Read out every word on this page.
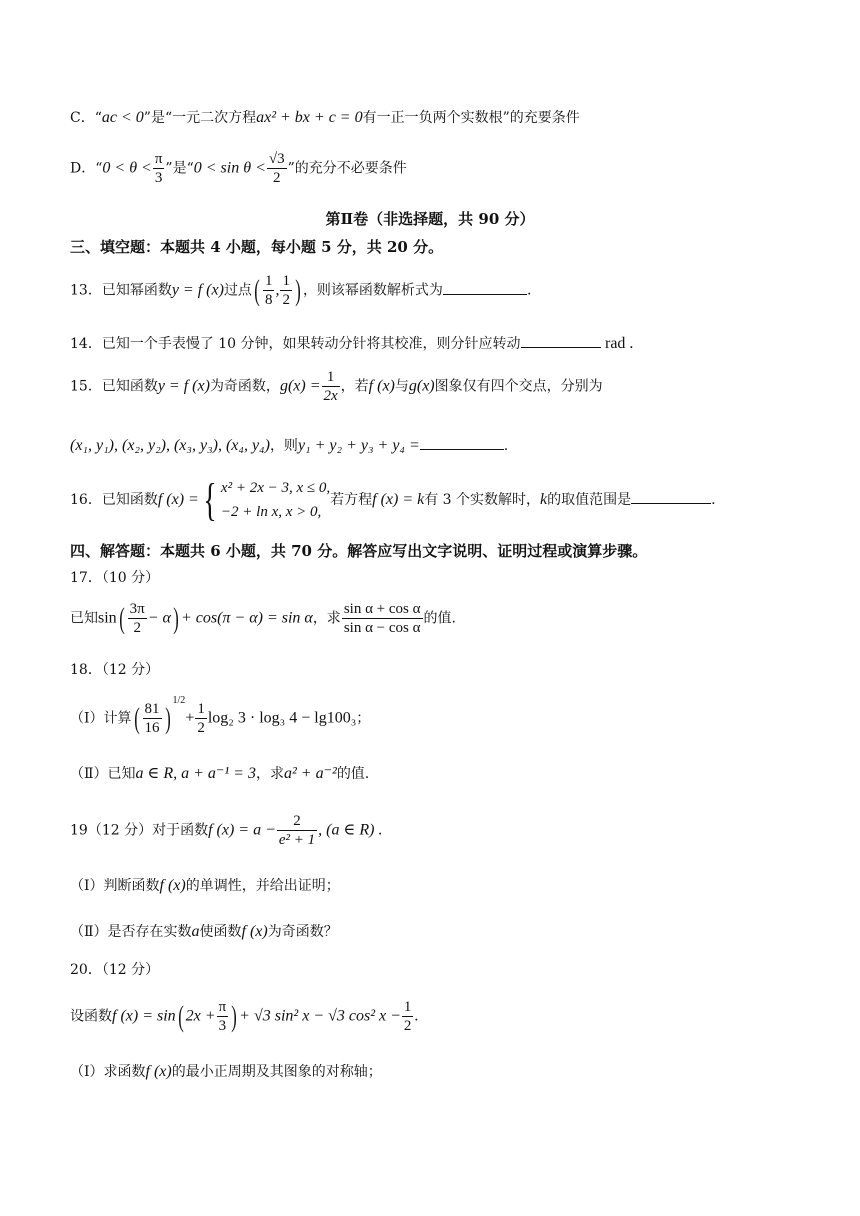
C．“ac < 0”是“一元二次方程ax² + bx + c = 0有一正一负两个实数根”的充要条件
D．“$0 < \theta < \frac{\pi}{3}$ ”是“$0 < \sin \theta < \frac{√3}{2}$ ”的充分不必要条件
第Ⅱ卷（非选择题，共 90 分）
三、填空题：本题共 4 小题，每小题 5 分，共 20 分。
13．已知幂函数y = f (x)过点( $\frac{1}{8}$ , $\frac{1}{2}$ ) ，则该幂函数解析式为	.
14．已知一个手表慢了 10 分钟，如果转动分针将其校准，则分针应转动	rad .
15．已知函数y = f (x)为奇函数，$g(x) = \frac{1}{2x}$ ，若f (x)与g(x)图象仅有四个交点，分别为
(x₁, y₁), (x₂, y₂), (x₃, y₃), (x₄, y₄)，则y₁ + y₂ + y₃ + y₄ =	.
16．已知函数f (x) ={ x² + 2x − 3, x ≤ 0,
−2 + ln x, x > 0,
若方程f (x) = k有 3 个实数解时，k的取值范围是	.
四、解答题：本题共 6 小题，共 70 分。解答应写出文字说明、证明过程或演算步骤。
17．（10 分）
已知$\sin( \frac{3\pi}{2} - \alpha) + \cos(\pi - \alpha) = \sin \alpha$，求 $\frac{\text{sin α + cos α}}{\text{sin α − cos α}}$ 的值.
18．（12 分）
（Ⅰ）计算( $\frac{81}{16} )^{1/2}+ \frac{1}{2} \log_2$ 3 · log₃ 4 − lg100₃；
（Ⅱ）已知a ∈ R, a + a⁻¹ = 3，求a² + a⁻²的值.
19（12 分）对于函数f $(x) = a - \frac{2}{\text{e² + 1}}$ , (a ∈ R) .
（Ⅰ）判断函数f (x)的单调性，并给出证明；
（Ⅱ）是否存在实数a使函数f (x)为奇函数？
20．（12 分）
设函数f (x) = sin( $2x + \frac{\pi}{3}$ ) + √3 sin² x − √3 cos² $x - \frac{1}{2}$ .
（Ⅰ）求函数f (x)的最小正周期及其图象的对称轴；
